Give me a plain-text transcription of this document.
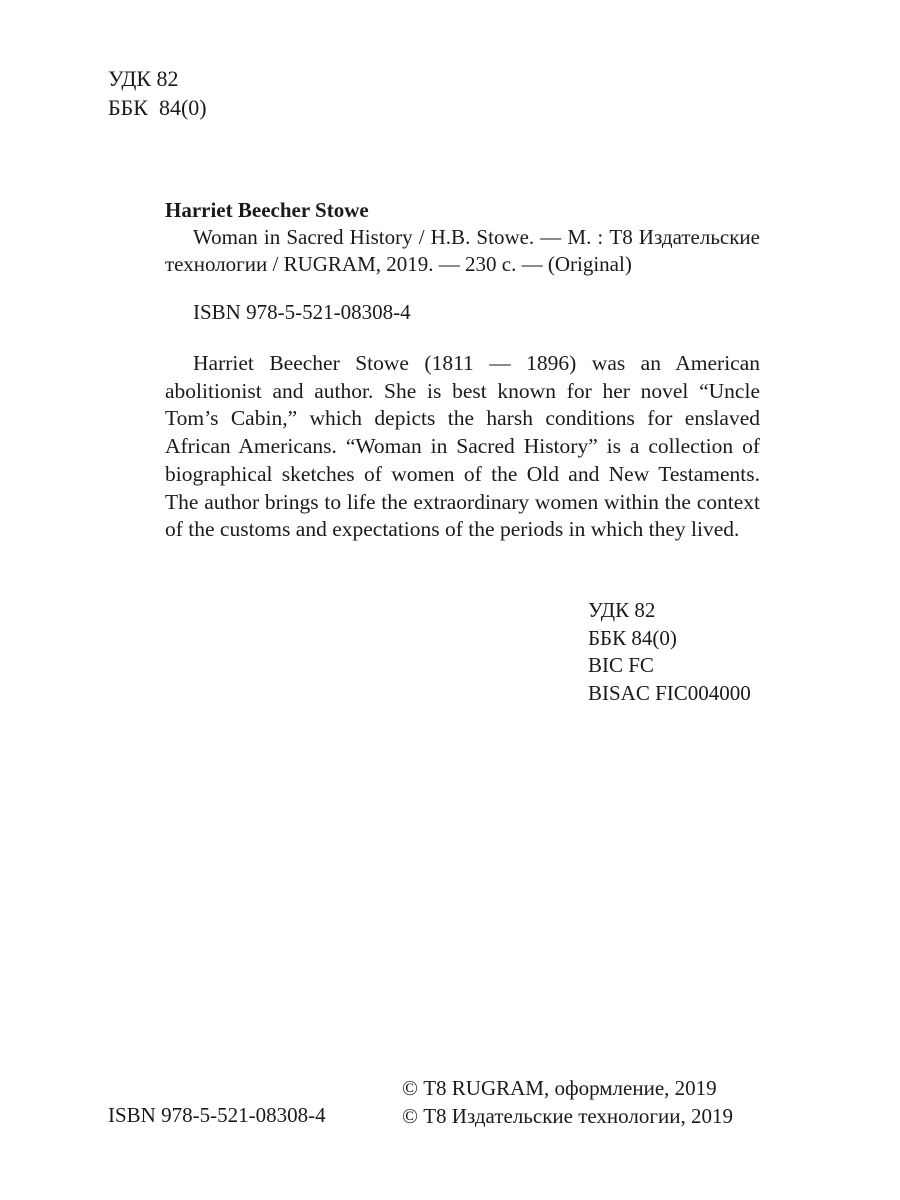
УДК 82
ББК  84(0)
Harriet Beecher Stowe

Woman in Sacred History / H.B. Stowe. — М. : Т8 Издательские технологии / RUGRAM, 2019. — 230 с. — (Original)

ISBN 978-5-521-08308-4

Harriet Beecher Stowe (1811 — 1896) was an American abolitionist and author. She is best known for her novel “Uncle Tom’s Cabin,” which depicts the harsh conditions for enslaved African Americans. “Woman in Sacred History” is a collection of biographical sketches of women of the Old and New Testaments. The author brings to life the extraordinary women within the context of the customs and expectations of the periods in which they lived.

УДК 82
ББК 84(0)
BIC FC
BISAC FIC004000
ISBN 978-5-521-08308-4
© Т8 RUGRAM, оформление, 2019
© Т8 Издательские технологии, 2019
